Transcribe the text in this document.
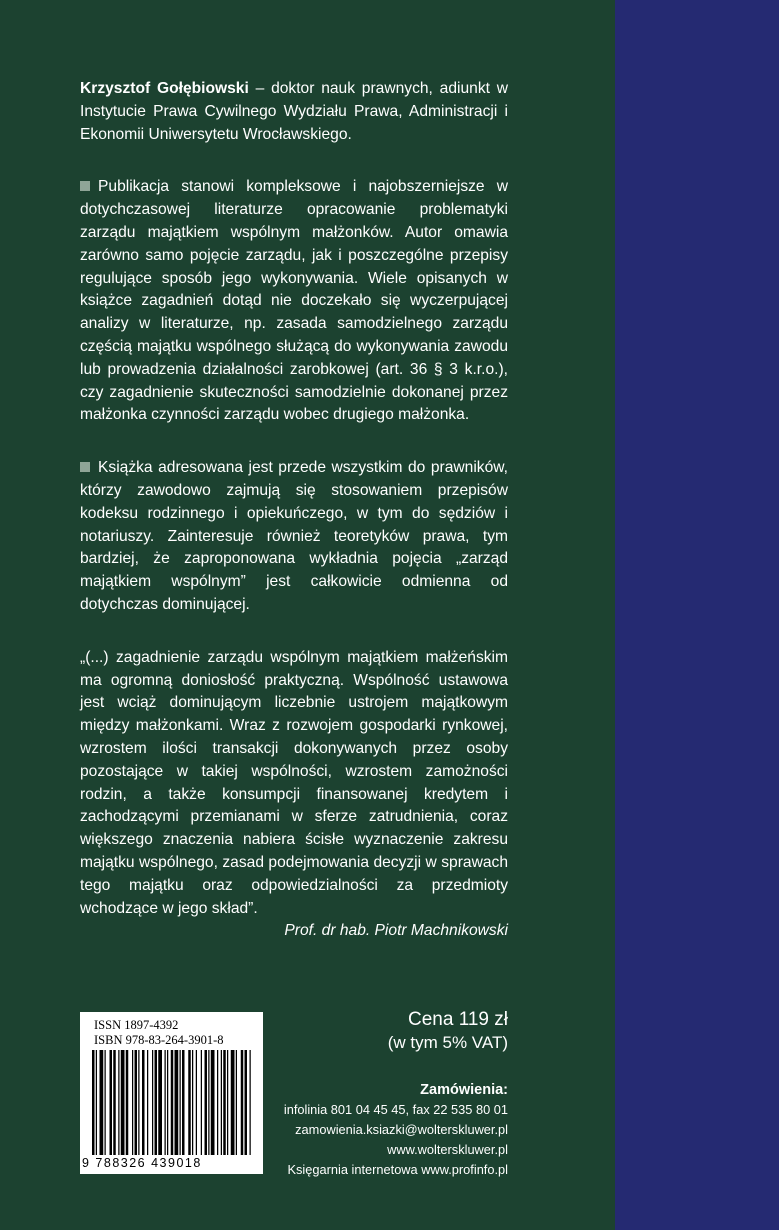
Krzysztof Gołębiowski – doktor nauk prawnych, adiunkt w Instytucie Prawa Cywilnego Wydziału Prawa, Administracji i Ekonomii Uniwersytetu Wrocławskiego.

Publikacja stanowi kompleksowe i najobszerniejsze w dotychczasowej literaturze opracowanie problematyki zarządu majątkiem wspólnym małżonków. Autor omawia zarówno samo pojęcie zarządu, jak i poszczególne przepisy regulujące sposób jego wykonywania. Wiele opisanych w książce zagadnień dotąd nie doczekało się wyczerpującej analizy w literaturze, np. zasada samodzielnego zarządu częścią majątku wspólnego służącą do wykonywania zawodu lub prowadzenia działalności zarobkowej (art. 36 § 3 k.r.o.), czy zagadnienie skuteczności samodzielnie dokonanej przez małżonka czynności zarządu wobec drugiego małżonka.

Książka adresowana jest przede wszystkim do prawników, którzy zawodowo zajmują się stosowaniem przepisów kodeksu rodzinnego i opiekuńczego, w tym do sędziów i notariuszy. Zainteresuje również teoretyków prawa, tym bardziej, że zaproponowana wykładnia pojęcia „zarząd majątkiem wspólnym” jest całkowicie odmienna od dotychczas dominującej.

„(...) zagadnienie zarządu wspólnym majątkiem małżeńskim ma ogromną doniosłość praktyczną. Wspólność ustawowa jest wciąż dominującym liczebnie ustrojem majątkowym między małżonkami. Wraz z rozwojem gospodarki rynkowej, wzrostem ilości transakcji dokonywanych przez osoby pozostające w takiej wspólności, wzrostem zamożności rodzin, a także konsumpcji finansowanej kredytem i zachodzącymi przemianami w sferze zatrudnienia, coraz większego znaczenia nabiera ścisłe wyznaczenie zakresu majątku wspólnego, zasad podejmowania decyzji w sprawach tego majątku oraz odpowiedzialności za przedmioty wchodzące w jego skład”.

Prof. dr hab. Piotr Machnikowski

ISSN 1897-4392
ISBN 978-83-264-3901-8
9 788326 439018
Cena 119 zł
(w tym 5% VAT)
Zamówienia:
infolinia 801 04 45 45, fax 22 535 80 01
zamowienia.ksiazki@wolterskluwer.pl
www.wolterskluwer.pl
Księgarnia internetowa www.profinfo.pl
